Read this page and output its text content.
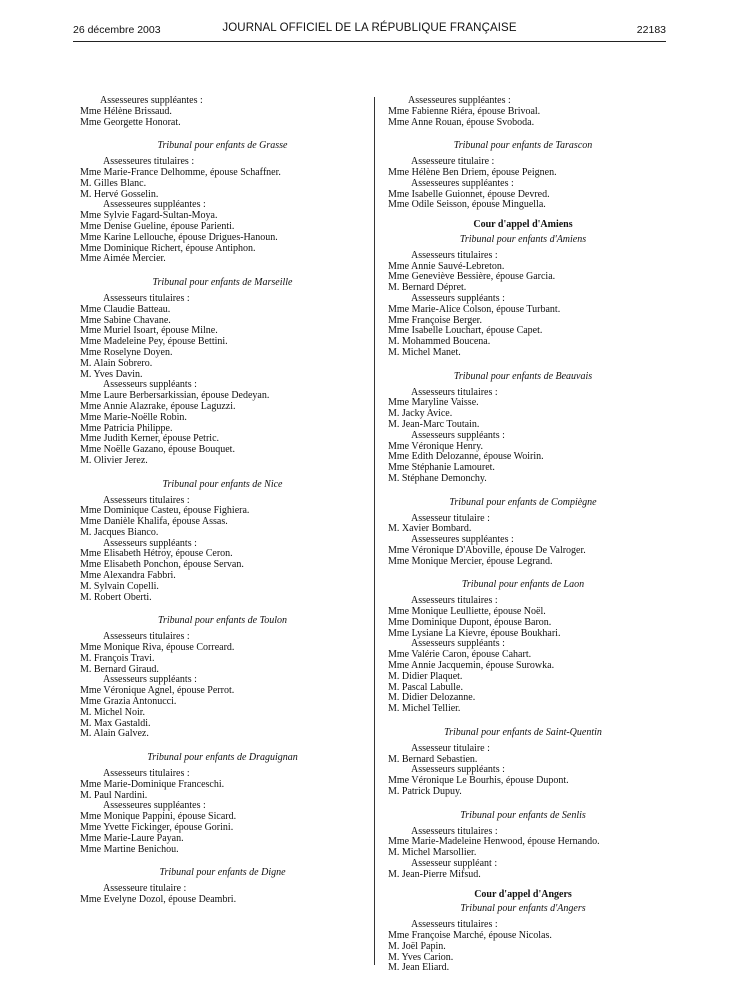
26 décembre 2003	JOURNAL OFFICIEL DE LA RÉPUBLIQUE FRANÇAISE	22183
Assesseures suppléantes :
Mme Hélène Brissaud.
Mme Georgette Honorat.
Tribunal pour enfants de Grasse
Assesseures titulaires :
Mme Marie-France Delhomme, épouse Schaffner.
M. Gilles Blanc.
M. Hervé Gosselin.
Assesseures suppléantes :
Mme Sylvie Fagard-Sultan-Moya.
Mme Denise Gueline, épouse Parienti.
Mme Karine Lellouche, épouse Drigues-Hanoun.
Mme Dominique Richert, épouse Antiphon.
Mme Aimée Mercier.
Tribunal pour enfants de Marseille
Assesseurs titulaires :
Mme Claudie Batteau.
Mme Sabine Chavane.
Mme Muriel Isoart, épouse Milne.
Mme Madeleine Pey, épouse Bettini.
Mme Roselyne Doyen.
M. Alain Sobrero.
M. Yves Davin.
Assesseurs suppléants :
Mme Laure Berbersarkissian, épouse Dedeyan.
Mme Annie Alazrake, épouse Laguzzi.
Mme Marie-Noëlle Robin.
Mme Patricia Philippe.
Mme Judith Kerner, épouse Petric.
Mme Noëlle Gazano, épouse Bouquet.
M. Olivier Jerez.
Tribunal pour enfants de Nice
Assesseurs titulaires :
Mme Dominique Casteu, épouse Fighiera.
Mme Danièle Khalifa, épouse Assas.
M. Jacques Bianco.
Assesseurs suppléants :
Mme Elisabeth Hétroy, épouse Ceron.
Mme Elisabeth Ponchon, épouse Servan.
Mme Alexandra Fabbri.
M. Sylvain Copelli.
M. Robert Oberti.
Tribunal pour enfants de Toulon
Assesseurs titulaires :
Mme Monique Riva, épouse Correard.
M. François Travi.
M. Bernard Giraud.
Assesseurs suppléants :
Mme Véronique Agnel, épouse Perrot.
Mme Grazia Antonucci.
M. Michel Noir.
M. Max Gastaldi.
M. Alain Galvez.
Tribunal pour enfants de Draguignan
Assesseurs titulaires :
Mme Marie-Dominique Franceschi.
M. Paul Nardini.
Assesseures suppléantes :
Mme Monique Pappini, épouse Sicard.
Mme Yvette Fickinger, épouse Gorini.
Mme Marie-Laure Payan.
Mme Martine Benichou.
Tribunal pour enfants de Digne
Assesseure titulaire :
Mme Evelyne Dozol, épouse Deambri.
Assesseures suppléantes :
Mme Fabienne Riéra, épouse Brivoal.
Mme Anne Rouan, épouse Svoboda.
Tribunal pour enfants de Tarascon
Assesseure titulaire :
Mme Hélène Ben Driem, épouse Peignen.
Assesseures suppléantes :
Mme Isabelle Guionnet, épouse Devred.
Mme Odile Seisson, épouse Minguella.
Cour d'appel d'Amiens
Tribunal pour enfants d'Amiens
Assesseurs titulaires :
Mme Annie Sauvé-Lebreton.
Mme Geneviève Bessière, épouse Garcia.
M. Bernard Dépret.
Assesseurs suppléants :
Mme Marie-Alice Colson, épouse Turbant.
Mme Françoise Berger.
Mme Isabelle Louchart, épouse Capet.
M. Mohammed Boucena.
M. Michel Manet.
Tribunal pour enfants de Beauvais
Assesseurs titulaires :
Mme Maryline Vaisse.
M. Jacky Avice.
M. Jean-Marc Toutain.
Assesseurs suppléants :
Mme Véronique Henry.
Mme Edith Delozanne, épouse Woirin.
Mme Stéphanie Lamouret.
M. Stéphane Demonchy.
Tribunal pour enfants de Compiègne
Assesseur titulaire :
M. Xavier Bombard.
Assesseures suppléantes :
Mme Véronique D'Aboville, épouse De Valroger.
Mme Monique Mercier, épouse Legrand.
Tribunal pour enfants de Laon
Assesseurs titulaires :
Mme Monique Leulliette, épouse Noël.
Mme Dominique Dupont, épouse Baron.
Mme Lysiane La Kievre, épouse Boukhari.
Assesseurs suppléants :
Mme Valérie Caron, épouse Cahart.
Mme Annie Jacquemin, épouse Surowka.
M. Didier Plaquet.
M. Pascal Labulle.
M. Didier Delozanne.
M. Michel Tellier.
Tribunal pour enfants de Saint-Quentin
Assesseur titulaire :
M. Bernard Sebastien.
Assesseurs suppléants :
Mme Véronique Le Bourhis, épouse Dupont.
M. Patrick Dupuy.
Tribunal pour enfants de Senlis
Assesseurs titulaires :
Mme Marie-Madeleine Henwood, épouse Hernando.
M. Michel Marsollier.
Assesseur suppléant :
M. Jean-Pierre Mifsud.
Cour d'appel d'Angers
Tribunal pour enfants d'Angers
Assesseurs titulaires :
Mme Françoise Marché, épouse Nicolas.
M. Joël Papin.
M. Yves Carion.
M. Jean Eliard.
